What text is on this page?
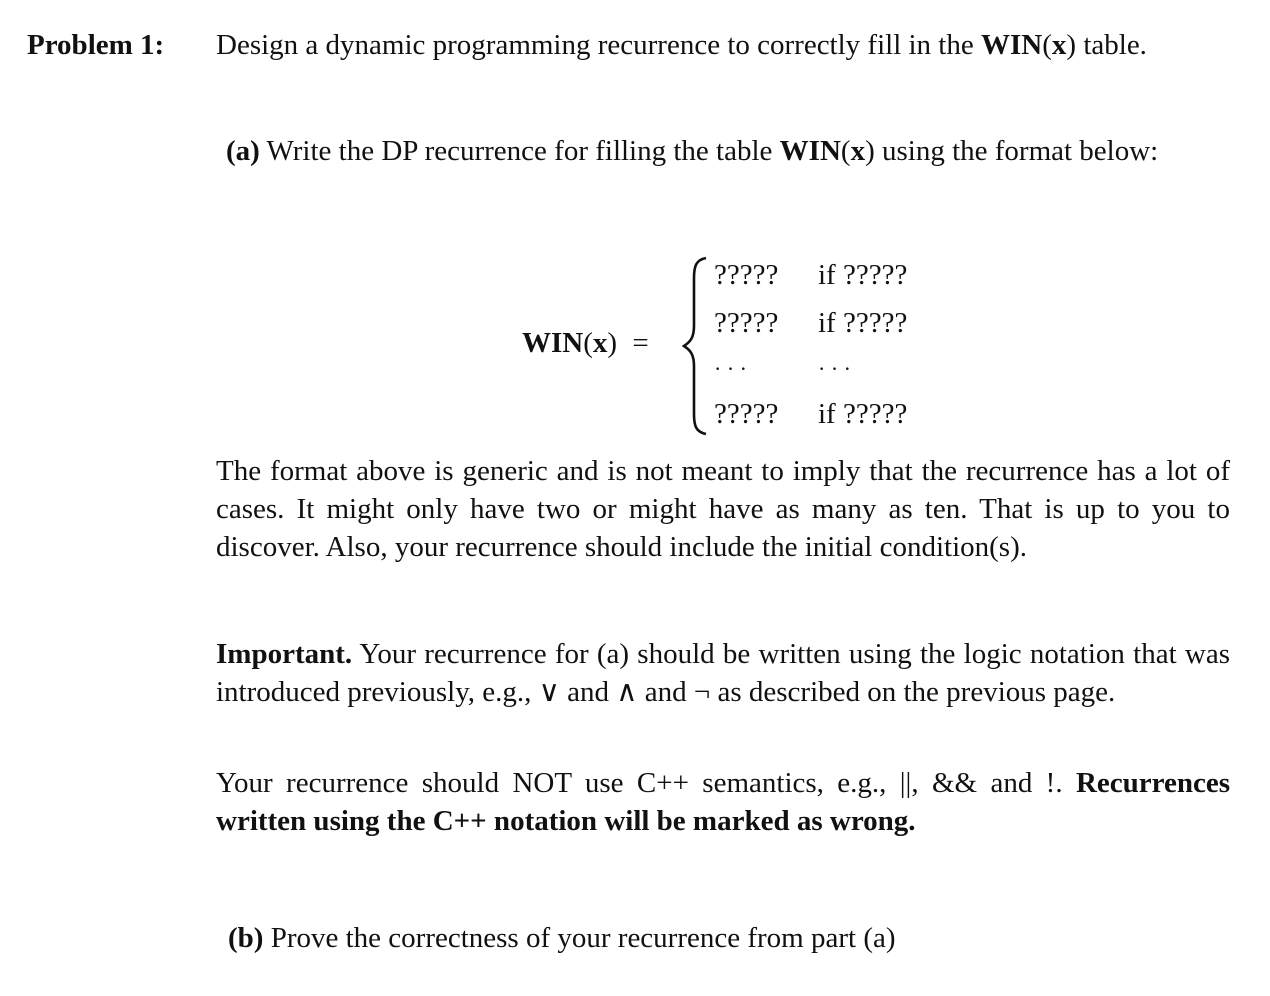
Problem 1: Design a dynamic programming recurrence to correctly fill in the WIN(x) table.
(a) Write the DP recurrence for filling the table WIN(x) using the format below:
WIN(x) =
????? if ?????
????? if ?????
· · ·	· · ·
????? if ?????
The format above is generic and is not meant to imply that the recurrence has a lot of cases. It might only have two or might have as many as ten. That is up to you to discover. Also, your recurrence should include the initial condition(s).
Important. Your recurrence for (a) should be written using the logic notation that was introduced previously, e.g., ∨ and ∧ and ¬ as described on the previous page.
Your recurrence should NOT use C++ semantics, e.g., ||, && and !. Recurrences written using the C++ notation will be marked as wrong.
(b) Prove the correctness of your recurrence from part (a)
